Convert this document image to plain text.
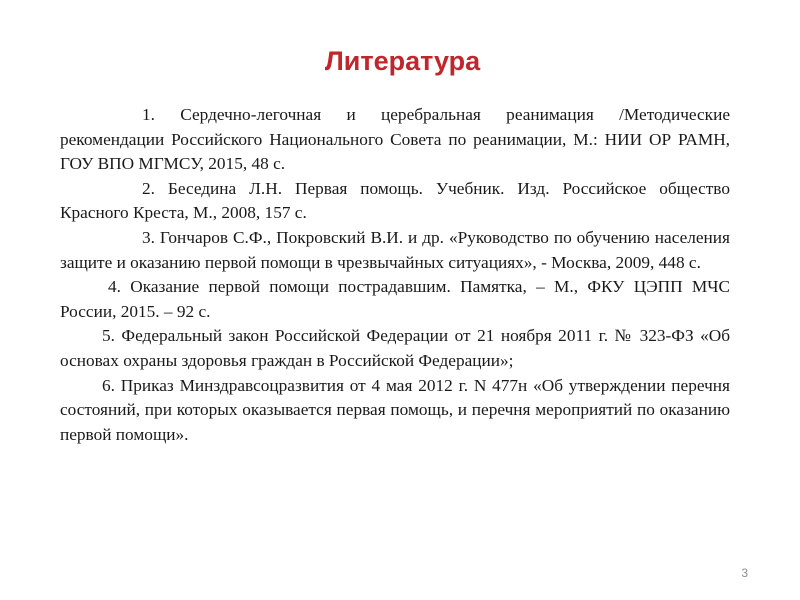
Литература

1. Сердечно-легочная и церебральная реанимация /Методические рекомендации Российского Национального Совета по реанимации, М.: НИИ ОР РАМН, ГОУ ВПО МГМСУ, 2015, 48 с.

2. Беседина Л.Н. Первая помощь. Учебник. Изд. Российское общество Красного Креста, М., 2008, 157 с.

3. Гончаров С.Ф., Покровский В.И. и др. «Руководство по обучению населения защите и оказанию первой помощи в чрезвычайных ситуациях», - Москва, 2009, 448 с.

4. Оказание первой помощи пострадавшим. Памятка, – М., ФКУ ЦЭПП МЧС России, 2015. – 92 с.

5. Федеральный закон Российской Федерации от 21 ноября 2011 г. № 323-ФЗ «Об основах охраны здоровья граждан в Российской Федерации»;

6. Приказ Минздравсоцразвития от 4 мая 2012 г. N 477н «Об утверждении перечня состояний, при которых оказывается первая помощь, и перечня мероприятий по оказанию первой помощи».

3
